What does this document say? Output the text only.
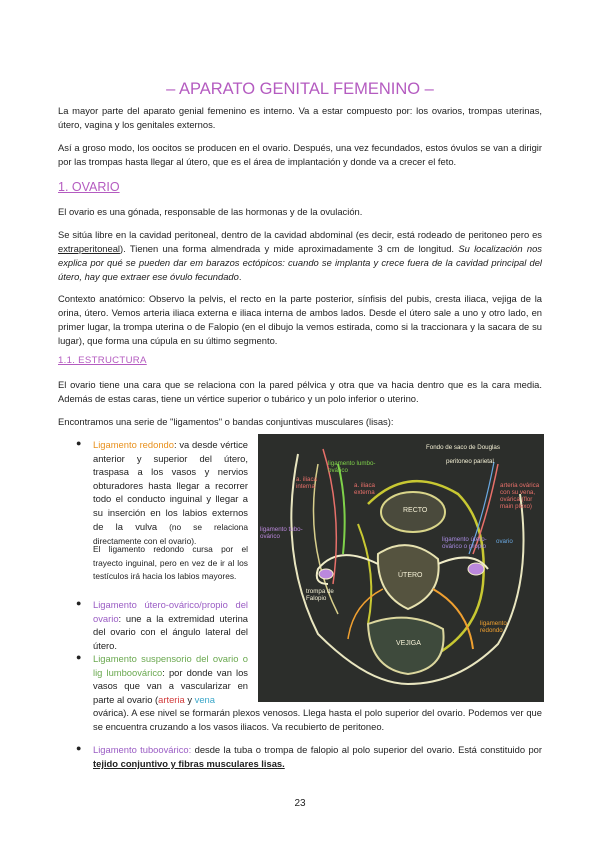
– APARATO GENITAL FEMENINO –

La mayor parte del aparato genial femenino es interno. Va a estar compuesto por: los ovarios, trompas uterinas, útero, vagina y los genitales externos.

Así a groso modo, los oocitos se producen en el ovario. Después, una vez fecundados, estos óvulos se van a dirigir por las trompas hasta llegar al útero, que es el área de implantación y donde va a crecer el feto.

1. OVARIO

El ovario es una gónada, responsable de las hormonas y de la ovulación.

Se sitúa libre en la cavidad peritoneal, dentro de la cavidad abdominal (es decir, está rodeado de peritoneo pero es extraperitoneal). Tienen una forma almendrada y mide aproximadamente 3 cm de longitud. Su localización nos explica por qué se pueden dar em barazos ectópicos: cuando se implanta y crece fuera de la cavidad principal del útero, hay que extraer ese óvulo fecundado.

Contexto anatómico: Observo la pelvis, el recto en la parte posterior, sínfisis del pubis, cresta iliaca, vejiga de la orina, útero. Vemos arteria iliaca externa e iliaca interna de ambos lados. Desde el útero sale a uno y otro lado, en primer lugar, la trompa uterina o de Falopio (en el dibujo la vemos estirada, como si la traccionara y la sacara de su lugar), que forma una cúpula en su último segmento.

1.1. ESTRUCTURA

El ovario tiene una cara que se relaciona con la pared pélvica y otra que va hacia dentro que es la cara media. Además de estas caras, tiene un vértice superior o tubárico y un polo inferior o uterino.

Encontramos una serie de "ligamentos" o bandas conjuntivas musculares (lisas):

● Ligamento redondo: va desde vértice anterior y superior del útero, traspasa a los vasos y nervios obturadores hasta llegar a recorrer todo el conducto inguinal y llegar a su inserción en los labios externos de la vulva (no se relaciona directamente con el ovario).

El ligamento redondo cursa por el trayecto inguinal, pero en vez de ir al los testículos irá hacia los labios mayores.

● Ligamento útero-ovárico/propio del ovario: une a la extremidad uterina del ovario con el ángulo lateral del útero.

● Ligamento suspensorio del ovario o lig lumboovárico: por donde van los vasos que van a vascularizar en parte al ovario (arteria y vena

ovárica). A ese nivel se formarán plexos venosos. Llega hasta el polo superior del ovario. Podemos ver que se encuentra cruzando a los vasos iliacos. Va recubierto de peritoneo.

● Ligamento tuboovárico: desde la tuba o trompa de falopio al polo superior del ovario. Está constituido por tejido conjuntivo y fibras musculares lisas.

Fondo de saco de Douglas
ligamento lumbo-ovárico
a. iliaca interna
peritoneo parietal
a. iliaca externa
RECTO
arteria ovárica con su vena, ovárica (flor main plexo)
ligamento tubo-ovárico	ligamento útero-ovárico o propio
ovario
ÚTERO
trompa de Falopio
VEJIGA
ligamento redondo
23
